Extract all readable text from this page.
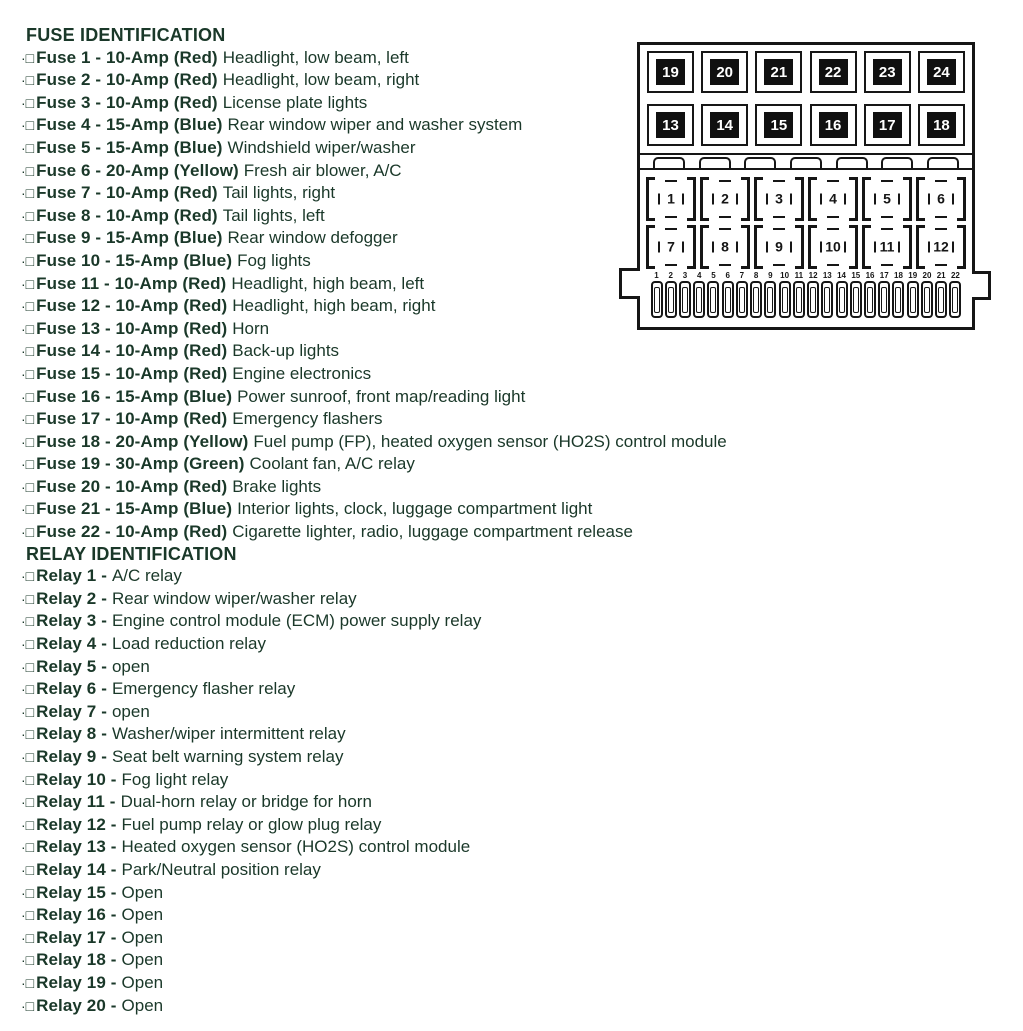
FUSE IDENTIFICATION
·□ Fuse 1 - 10-Amp (Red) Headlight, low beam, left
·□ Fuse 2 - 10-Amp (Red) Headlight, low beam, right
·□ Fuse 3 - 10-Amp (Red) License plate lights
·□ Fuse 4 - 15-Amp (Blue) Rear window wiper and washer system
·□ Fuse 5 - 15-Amp (Blue) Windshield wiper/washer
·□ Fuse 6 - 20-Amp (Yellow) Fresh air blower, A/C
·□ Fuse 7 - 10-Amp (Red) Tail lights, right
·□ Fuse 8 - 10-Amp (Red) Tail lights, left
·□ Fuse 9 - 15-Amp (Blue) Rear window defogger
·□ Fuse 10 - 15-Amp (Blue) Fog lights
·□ Fuse 11 - 10-Amp (Red) Headlight, high beam, left
·□ Fuse 12 - 10-Amp (Red) Headlight, high beam, right
·□ Fuse 13 - 10-Amp (Red) Horn
·□ Fuse 14 - 10-Amp (Red) Back-up lights
·□ Fuse 15 - 10-Amp (Red) Engine electronics
·□ Fuse 16 - 15-Amp (Blue) Power sunroof, front map/reading light
·□ Fuse 17 - 10-Amp (Red) Emergency flashers
·□ Fuse 18 - 20-Amp (Yellow) Fuel pump (FP), heated oxygen sensor (HO2S) control module
·□ Fuse 19 - 30-Amp (Green) Coolant fan, A/C relay
·□ Fuse 20 - 10-Amp (Red) Brake lights
·□ Fuse 21 - 15-Amp (Blue) Interior lights, clock, luggage compartment light
·□ Fuse 22 - 10-Amp (Red) Cigarette lighter, radio, luggage compartment release
RELAY IDENTIFICATION
·□ Relay 1 - A/C relay
·□ Relay 2 - Rear window wiper/washer relay
·□ Relay 3 - Engine control module (ECM) power supply relay
·□ Relay 4 - Load reduction relay
·□ Relay 5 - open
·□ Relay 6 - Emergency flasher relay
·□ Relay 7 - open
·□ Relay 8 - Washer/wiper intermittent relay
·□ Relay 9 - Seat belt warning system relay
·□ Relay 10 - Fog light relay
·□ Relay 11 - Dual-horn relay or bridge for horn
·□ Relay 12 - Fuel pump relay or glow plug relay
·□ Relay 13 - Heated oxygen sensor (HO2S) control module
·□ Relay 14 - Park/Neutral position relay
·□ Relay 15 - Open
·□ Relay 16 - Open
·□ Relay 17 - Open
·□ Relay 18 - Open
·□ Relay 19 - Open
·□ Relay 20 - Open
19	20	21	22	23	24
13	14	15	16	17	18
1	2	3	4	5	6
7	8	9	10	11	12
1 2 3 4 5 6 7 8 9 10 11 12 13 14 15 16 17 18 19 20 21 22
